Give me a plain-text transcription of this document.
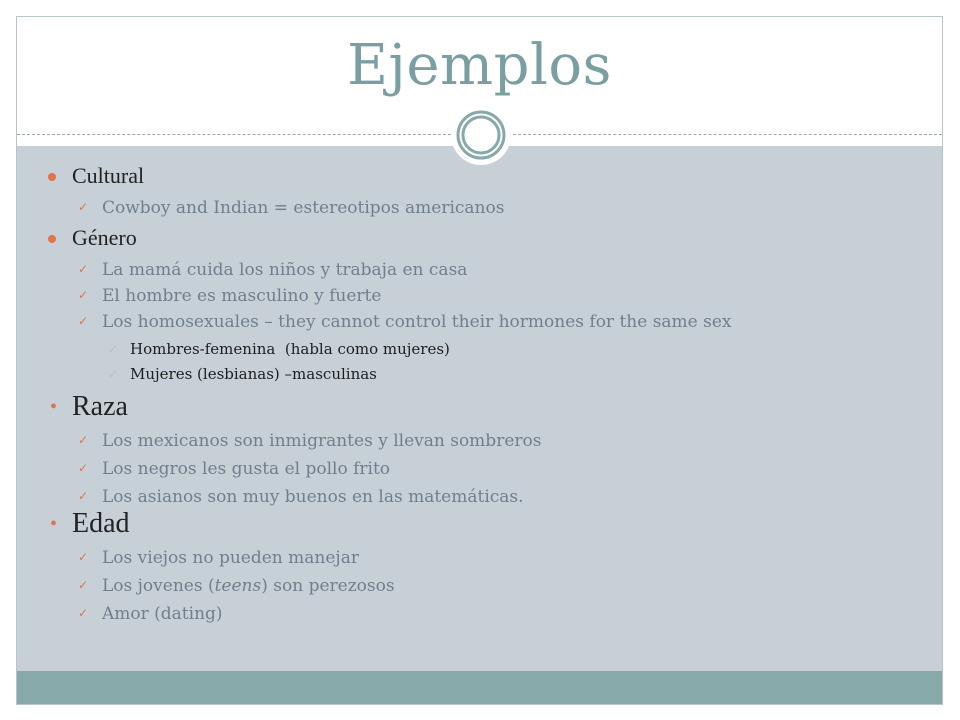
Ejemplos
Cultural
✓ Cowboy and Indian = estereotipos americanos
Género
✓ La mamá cuida los niños y trabaja en casa
✓ El hombre es masculino y fuerte
✓ Los homosexuales – they cannot control their hormones for the same sex
✓ Hombres-femenina  (habla como mujeres)
✓ Mujeres (lesbianas) –masculinas
• Raza
✓ Los mexicanos son inmigrantes y llevan sombreros
✓ Los negros les gusta el pollo frito
✓ Los asianos son muy buenos en las matemáticas.
• Edad
✓ Los viejos no pueden manejar
✓ Los jovenes (teens) son perezosos
✓ Amor (dating)
